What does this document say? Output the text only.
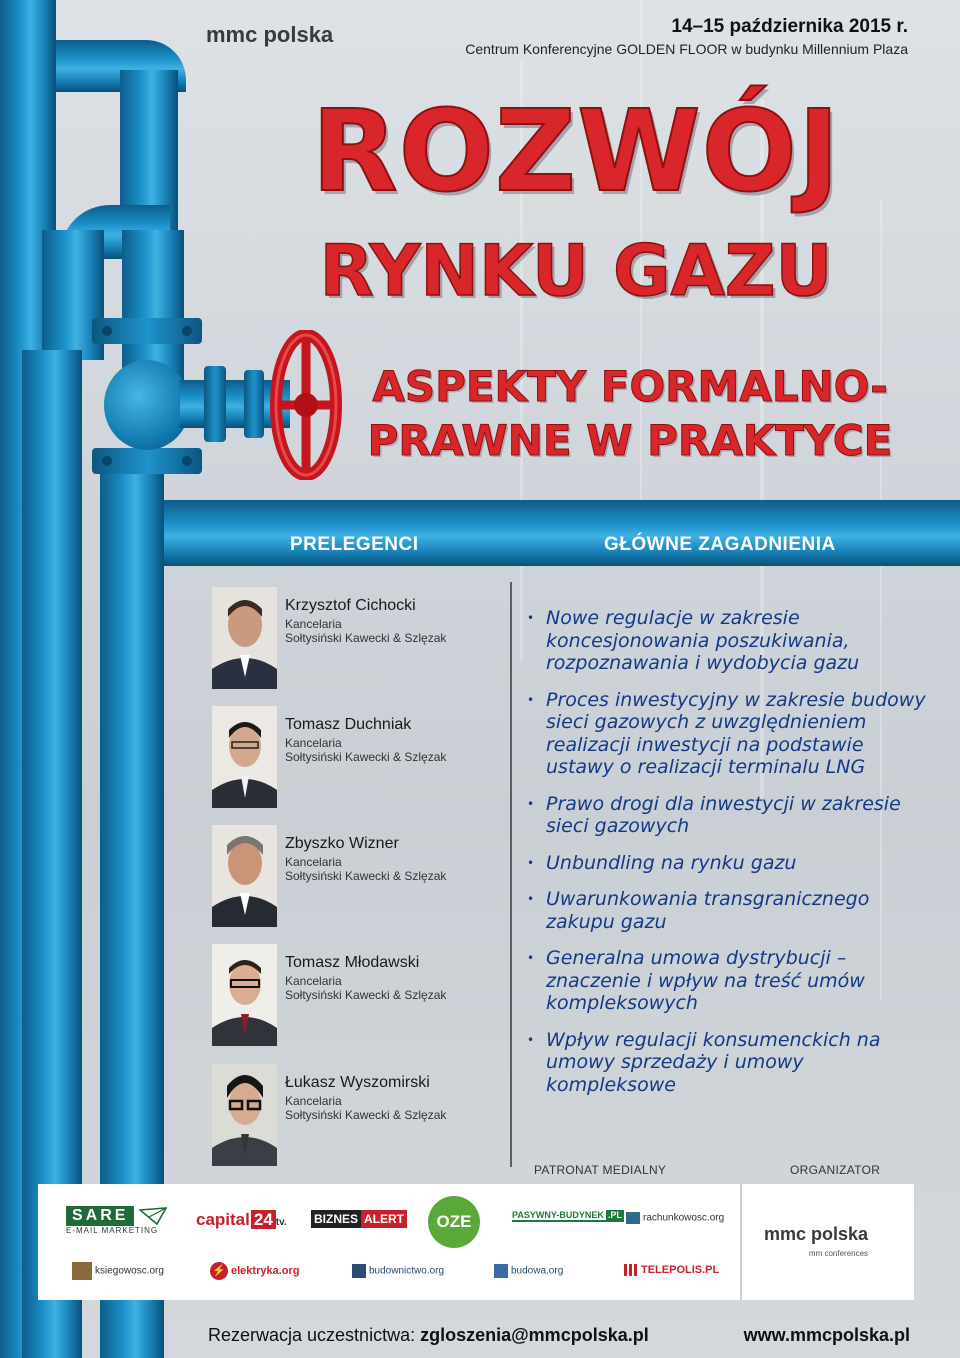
mmc polska	14–15 października 2015 r.
Centrum Konferencyjne GOLDEN FLOOR w budynku Millennium Plaza
ROZWÓJ
RYNKU GAZU
ASPEKTY FORMALNO-
PRAWNE W PRAKTYCE
PRELEGENCI	GŁÓWNE ZAGADNIENIA
Krzysztof Cichocki
Kancelaria
Sołtysiński Kawecki & Szlęzak
Tomasz Duchniak
Kancelaria
Sołtysiński Kawecki & Szlęzak
Zbyszko Wizner
Kancelaria
Sołtysiński Kawecki & Szlęzak
Tomasz Młodawski
Kancelaria
Sołtysiński Kawecki & Szlęzak
Łukasz Wyszomirski
Kancelaria
Sołtysiński Kawecki & Szlęzak
• Nowe regulacje w zakresie koncesjonowania poszukiwania, rozpoznawania i wydobycia gazu
• Proces inwestycyjny w zakresie budowy sieci gazowych z uwzględnieniem realizacji inwestycji na podstawie ustawy o realizacji terminalu LNG
• Prawo drogi dla inwestycji w zakresie sieci gazowych
• Unbundling na rynku gazu
• Uwarunkowania transgranicznego zakupu gazu
• Generalna umowa dystrybucji – znaczenie i wpływ na treść umów kompleksowych
• Wpływ regulacji konsumenckich na umowy sprzedaży i umowy kompleksowe
PATRONAT MEDIALNY	ORGANIZATOR
SARE
E-MAIL MARKETING
capital 24 tv. BIZNES ALERT	OZE	PASYWNY-BUDYNEK .PL	rachunkowosc.org
ksiegowosc.org	⚡ elektryka.org	budownictwo.org	budowa.org	TELEPOLIS.PL
mmc polska
mm conferences
Rezerwacja uczestnictwa: zgloszenia@mmcpolska.pl	www.mmcpolska.pl
